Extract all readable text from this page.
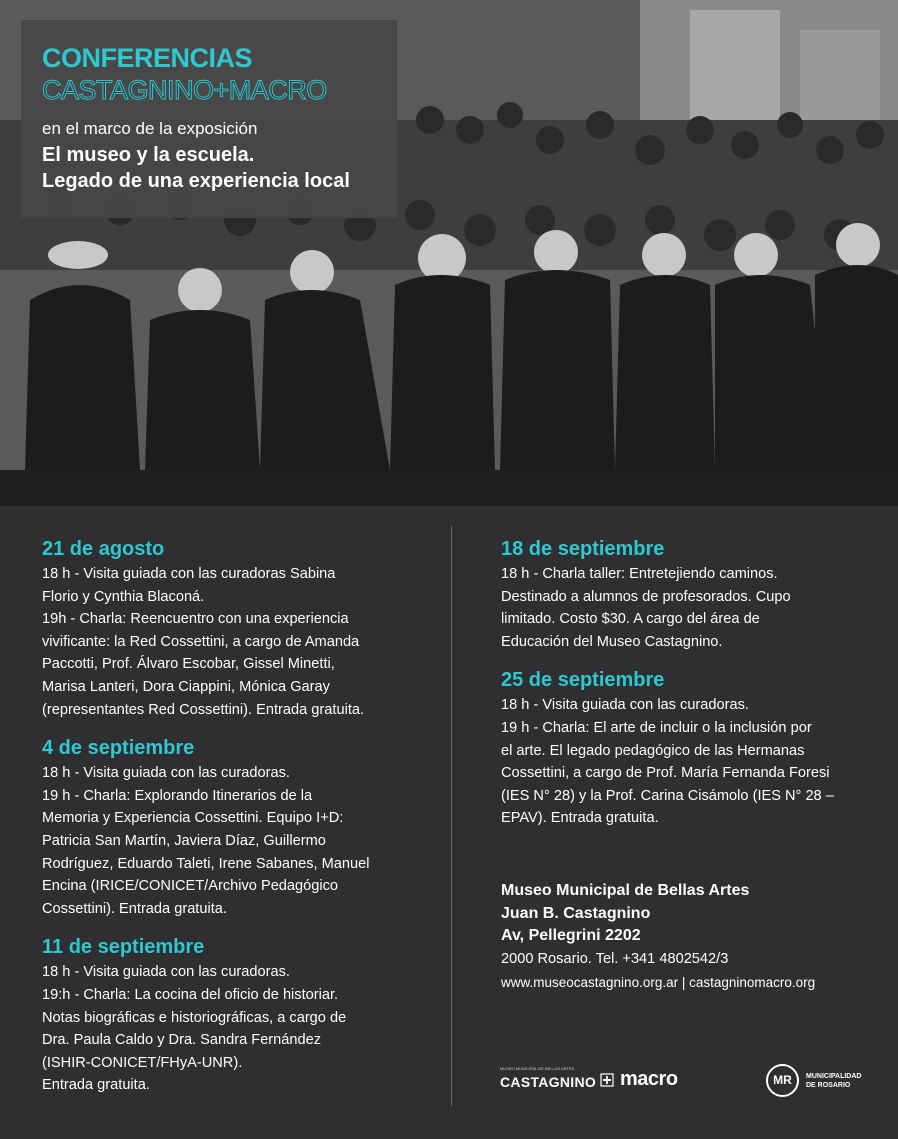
CONFERENCIAS
CASTAGNINO+MACRO
en el marco de la exposición
El museo y la escuela.
Legado de una experiencia local
21 de agosto
18 h - Visita guiada con las curadoras Sabina
Florio y Cynthia Blaconá.
19h - Charla: Reencuentro con una experiencia
vivificante: la Red Cossettini, a cargo de Amanda
Paccotti, Prof. Álvaro Escobar, Gissel Minetti,
Marisa Lanteri, Dora Ciappini, Mónica Garay
(representantes Red Cossettini). Entrada gratuita.
4 de septiembre
18 h - Visita guiada con las curadoras.
19 h - Charla: Explorando Itinerarios de la
Memoria y Experiencia Cossettini. Equipo I+D:
Patricia San Martín, Javiera Díaz, Guillermo
Rodríguez, Eduardo Taleti, Irene Sabanes, Manuel
Encina (IRICE/CONICET/Archivo Pedagógico
Cossettini). Entrada gratuita.
11 de septiembre
18 h - Visita guiada con las curadoras.
19:h - Charla: La cocina del oficio de historiar.
Notas biográficas e historiográficas, a cargo de
Dra. Paula Caldo y Dra. Sandra Fernández
(ISHIR-CONICET/FHyA-UNR).
Entrada gratuita.
18 de septiembre
18 h - Charla taller: Entretejiendo caminos.
Destinado a alumnos de profesorados. Cupo
limitado. Costo $30. A cargo del área de
Educación del Museo Castagnino.
25 de septiembre
18 h - Visita guiada con las curadoras.
19 h - Charla: El arte de incluir o la inclusión por
el arte. El legado pedagógico de las Hermanas
Cossettini, a cargo de Prof. María Fernanda Foresi
(IES N° 28) y la Prof. Carina Cisámolo (IES N° 28 –
EPAV). Entrada gratuita.
Museo Municipal de Bellas Artes
Juan B. Castagnino
Av, Pellegrini 2202
2000 Rosario. Tel. +341 4802542/3
www.museocastagnino.org.ar | castagninomacro.org
MUSEO MUNICIPAL DE BELLAS ARTES
CASTAGNINO macro	MR	MUNICIPALIDAD
DE ROSARIO
